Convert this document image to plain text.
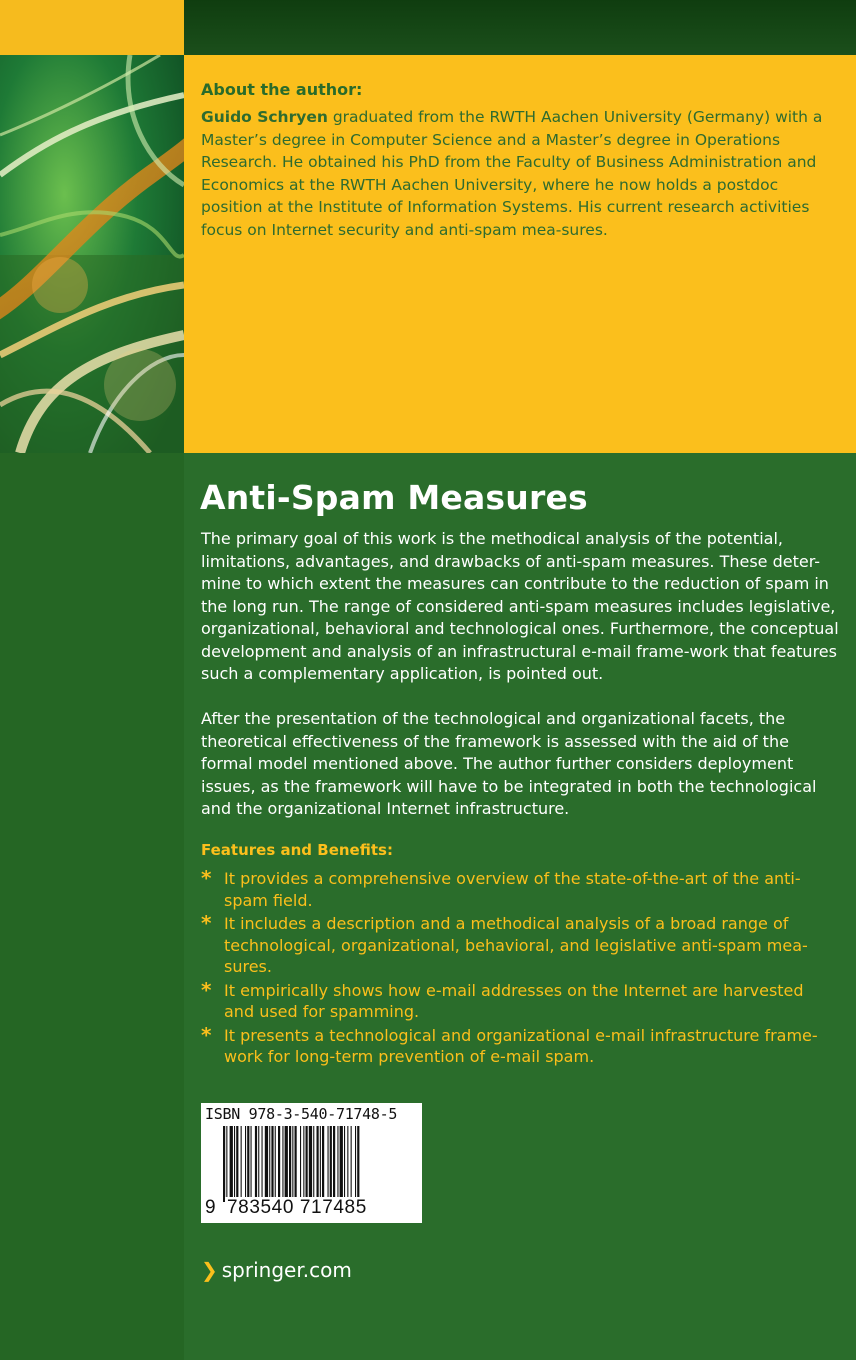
About the author:
Guido Schryen graduated from the RWTH Aachen University (Germany) with a Master’s degree in Computer Science and a Master’s degree in Operations Research. He obtained his PhD from the Faculty of Business Administration and Economics at the RWTH Aachen University, where he now holds a postdoc position at the Institute of Information Systems. His current research activities focus on Internet security and anti-spam mea-sures.
Anti-Spam Measures
The primary goal of this work is the methodical analysis of the potential, limitations, advantages, and drawbacks of anti-spam measures. These deter-mine to which extent the measures can contribute to the reduction of spam in the long run. The range of considered anti-spam measures includes legislative, organizational, behavioral and technological ones. Furthermore, the conceptual development and analysis of an infrastructural e-mail frame-work that features such a complementary application, is pointed out.
After the presentation of the technological and organizational facets, the theoretical effectiveness of the framework is assessed with the aid of the formal model mentioned above. The author further considers deployment issues, as the framework will have to be integrated in both the technological and the organizational Internet infrastructure.
Features and Benefits:
* It provides a comprehensive overview of the state-of-the-art of the anti-spam field.
* It includes a description and a methodical analysis of a broad range of technological, organizational, behavioral, and legislative anti-spam mea-sures.
* It empirically shows how e-mail addresses on the Internet are harvested and used for spamming.
* It presents a technological and organizational e-mail infrastructure frame-work for long-term prevention of e-mail spam.
ISBN 978-3-540-71748-5
9 783540 717485
❯ springer.com
